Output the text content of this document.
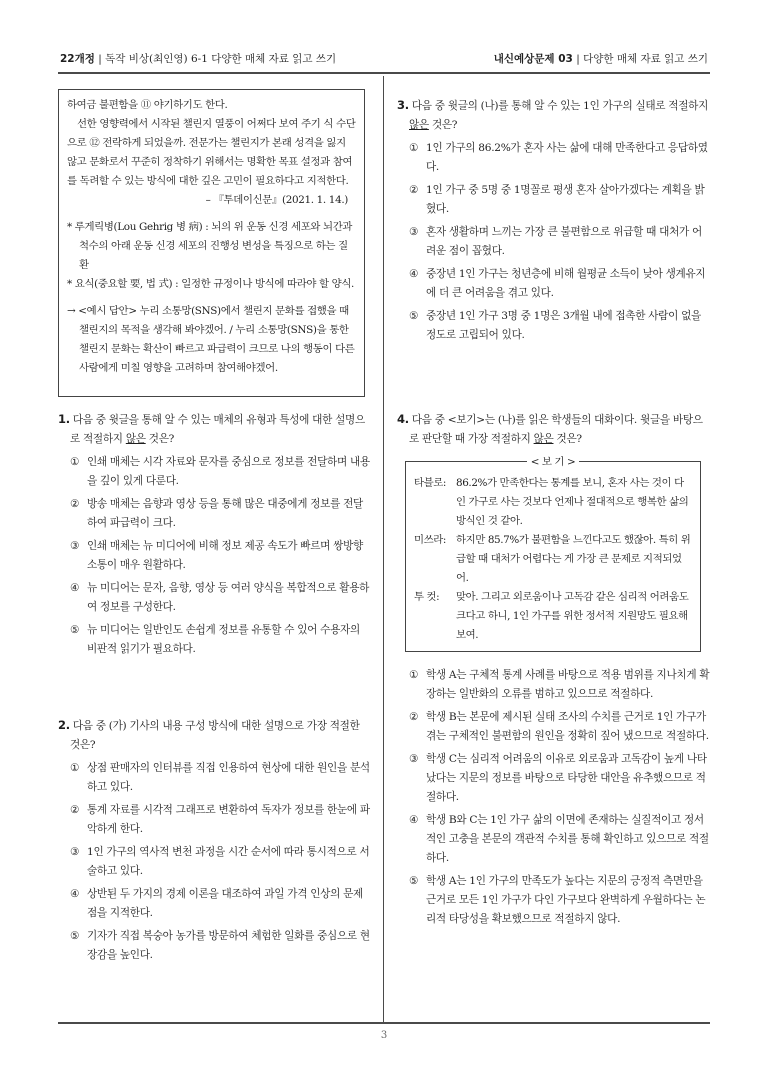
22개정 | 독작 비상(최인영) 6-1 다양한 매체 자료 읽고 쓰기	내신예상문제 03 | 다양한 매체 자료 읽고 쓰기

하여금 불편함을 ⑪ 야기하기도 한다.

선한 영향력에서 시작된 챌린지 열풍이 어쩌다 보여 주기 식 수단으로 ⑫ 전락하게 되었을까. 전문가는 챌린지가 본래 성격을 잃지 않고 문화로서 꾸준히 정착하기 위해서는 명확한 목표 설정과 참여를 독려할 수 있는 방식에 대한 깊은 고민이 필요하다고 지적한다.

– 『투데이신문』(2021. 1. 14.)

* 루게릭병(Lou Gehrig 병 病) : 뇌의 위 운동 신경 세포와 뇌간과 척수의 아래 운동 신경 세포의 진행성 변성을 특징으로 하는 질환

* 요식(중요할 要, 법 式) : 일정한 규정이나 방식에 따라야 할 양식.

→ <예시 답안> 누리 소통망(SNS)에서 챌린지 문화를 접했을 때 챌린지의 목적을 생각해 봐야겠어. / 누리 소통망(SNS)을 통한 챌린지 문화는 확산이 빠르고 파급력이 크므로 나의 행동이 다른 사람에게 미칠 영향을 고려하며 참여해야겠어.

1. 다음 중 윗글을 통해 알 수 있는 매체의 유형과 특성에 대한 설명으로 적절하지 않은 것은?

① 인쇄 매체는 시각 자료와 문자를 중심으로 정보를 전달하며 내용을 깊이 있게 다룬다.
② 방송 매체는 음향과 영상 등을 통해 많은 대중에게 정보를 전달하여 파급력이 크다.
③ 인쇄 매체는 뉴 미디어에 비해 정보 제공 속도가 빠르며 쌍방향 소통이 매우 원활하다.
④ 뉴 미디어는 문자, 음향, 영상 등 여러 양식을 복합적으로 활용하여 정보를 구성한다.
⑤ 뉴 미디어는 일반인도 손쉽게 정보를 유통할 수 있어 수용자의 비판적 읽기가 필요하다.

2. 다음 중 (가) 기사의 내용 구성 방식에 대한 설명으로 가장 적절한 것은?

① 상점 판매자의 인터뷰를 직접 인용하여 현상에 대한 원인을 분석하고 있다.
② 통계 자료를 시각적 그래프로 변환하여 독자가 정보를 한눈에 파악하게 한다.
③ 1인 가구의 역사적 변천 과정을 시간 순서에 따라 통시적으로 서술하고 있다.
④ 상반된 두 가지의 경제 이론을 대조하여 과일 가격 인상의 문제점을 지적한다.
⑤ 기자가 직접 복숭아 농가를 방문하여 체험한 일화를 중심으로 현장감을 높인다.

3. 다음 중 윗글의 (나)를 통해 알 수 있는 1인 가구의 실태로 적절하지 않은 것은?

① 1인 가구의 86.2%가 혼자 사는 삶에 대해 만족한다고 응답하였다.
② 1인 가구 중 5명 중 1명꼴로 평생 혼자 살아가겠다는 계획을 밝혔다.
③ 혼자 생활하며 느끼는 가장 큰 불편함으로 위급할 때 대처가 어려운 점이 꼽혔다.
④ 중장년 1인 가구는 청년층에 비해 월평균 소득이 낮아 생계유지에 더 큰 어려움을 겪고 있다.
⑤ 중장년 1인 가구 3명 중 1명은 3개월 내에 접촉한 사람이 없을 정도로 고립되어 있다.

4. 다음 중 <보기>는 (나)를 읽은 학생들의 대화이다. 윗글을 바탕으로 판단할 때 가장 적절하지 않은 것은?

< 보 기 >
타블로: 86.2%가 만족한다는 통계를 보니, 혼자 사는 것이 다인 가구로 사는 것보다 언제나 절대적으로 행복한 삶의 방식인 것 같아.
미쓰라: 하지만 85.7%가 불편함을 느낀다고도 했잖아. 특히 위급할 때 대처가 어렵다는 게 가장 큰 문제로 지적되었어.
투 컷:	맞아. 그리고 외로움이나 고독감 같은 심리적 어려움도 크다고 하니, 1인 가구를 위한 정서적 지원망도 필요해 보여.
① 학생 A는 구체적 통계 사례를 바탕으로 적용 범위를 지나치게 확장하는 일반화의 오류를 범하고 있으므로 적절하다.
② 학생 B는 본문에 제시된 실태 조사의 수치를 근거로 1인 가구가 겪는 구체적인 불편함의 원인을 정확히 짚어 냈으므로 적절하다.
③ 학생 C는 심리적 어려움의 이유로 외로움과 고독감이 높게 나타났다는 지문의 정보를 바탕으로 타당한 대안을 유추했으므로 적절하다.
④ 학생 B와 C는 1인 가구 삶의 이면에 존재하는 실질적이고 정서적인 고충을 본문의 객관적 수치를 통해 확인하고 있으므로 적절하다.
⑤ 학생 A는 1인 가구의 만족도가 높다는 지문의 긍정적 측면만을 근거로 모든 1인 가구가 다인 가구보다 완벽하게 우월하다는 논리적 타당성을 확보했으므로 적절하지 않다.
3
